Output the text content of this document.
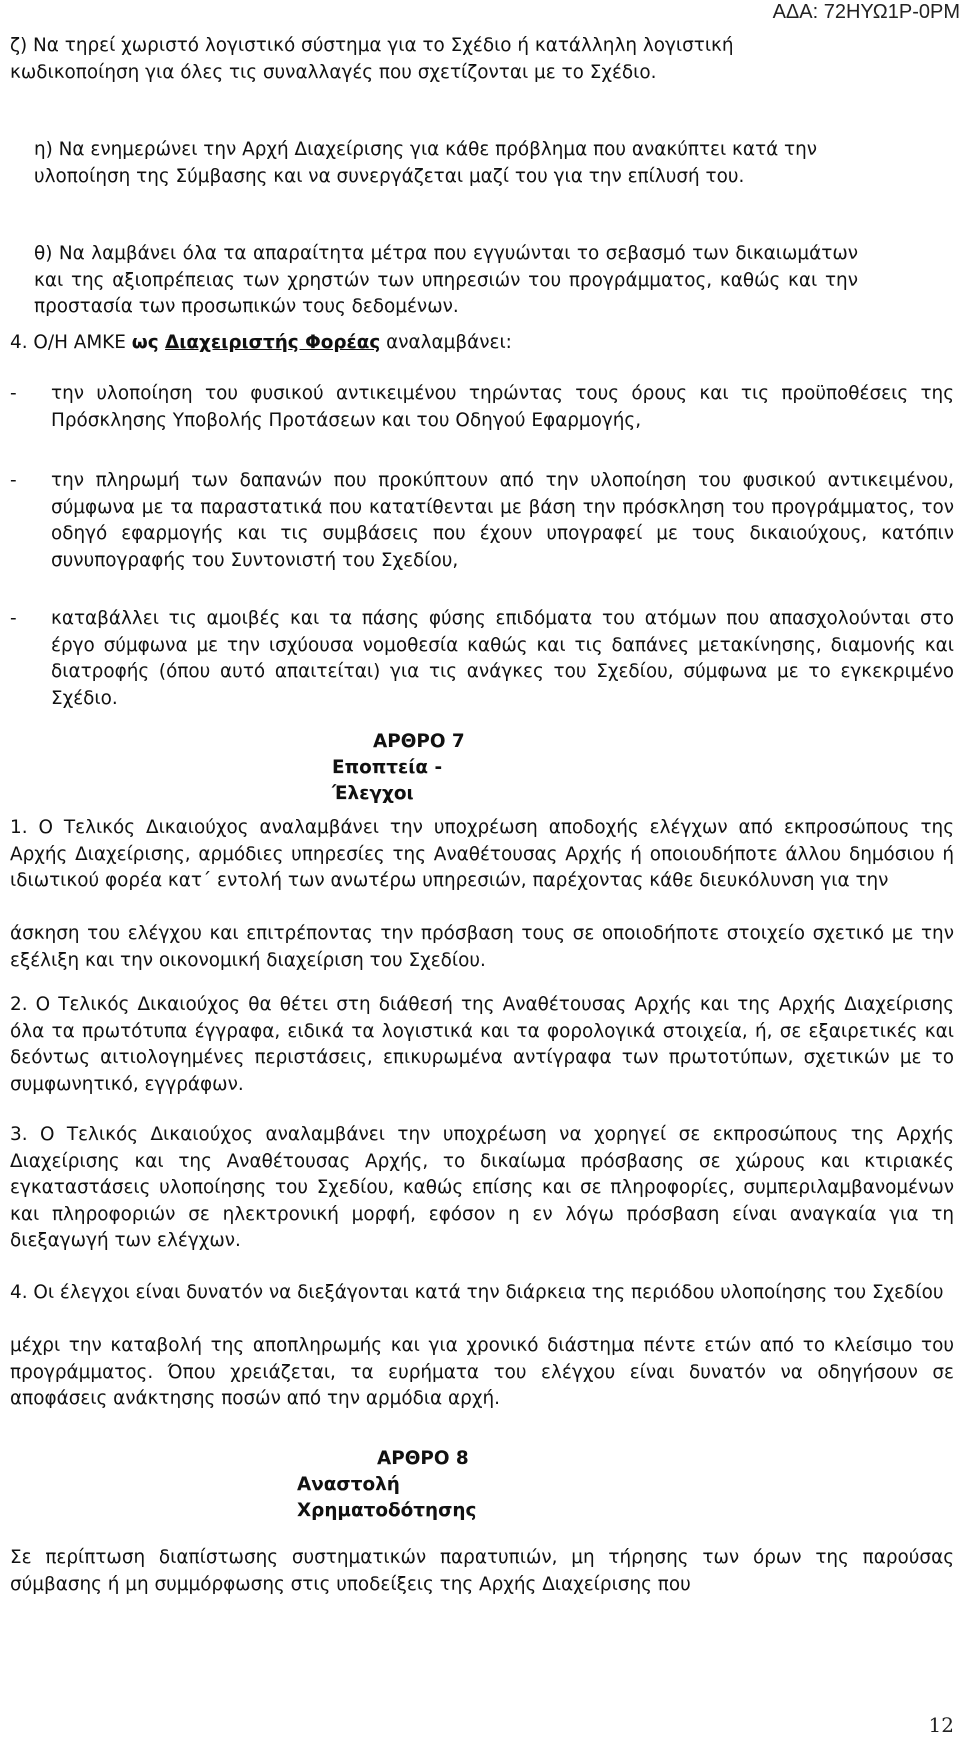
ΑΔΑ: 72ΗΥΩ1Ρ-0ΡΜ
ζ) Να τηρεί χωριστό λογιστικό σύστημα για το Σχέδιο ή κατάλληλη λογιστική κωδικοποίηση για όλες τις συναλλαγές που σχετίζονται με το Σχέδιο.
η) Να ενημερώνει την Αρχή Διαχείρισης για κάθε πρόβλημα που ανακύπτει κατά την υλοποίηση της Σύμβασης και να συνεργάζεται μαζί του για την επίλυσή του.
θ) Να λαμβάνει όλα τα απαραίτητα μέτρα που εγγυώνται το σεβασμό των δικαιωμάτων και της αξιοπρέπειας των χρηστών των υπηρεσιών του προγράμματος, καθώς και την προστασία των προσωπικών τους δεδομένων.
4. Ο/Η ΑΜΚΕ ως Διαχειριστής Φορέας αναλαμβάνει:
- την υλοποίηση του φυσικού αντικειμένου τηρώντας τους όρους και τις προϋποθέσεις της Πρόσκλησης Υποβολής Προτάσεων και του Οδηγού Εφαρμογής,
- την πληρωμή των δαπανών που προκύπτουν από την υλοποίηση του φυσικού αντικειμένου, σύμφωνα με τα παραστατικά που κατατίθενται με βάση την πρόσκληση του προγράμματος, τον οδηγό εφαρμογής και τις συμβάσεις που έχουν υπογραφεί με τους δικαιούχους, κατόπιν συνυπογραφής του Συντονιστή του Σχεδίου,
- καταβάλλει τις αμοιβές και τα πάσης φύσης επιδόματα του ατόμων που απασχολούνται στο έργο σύμφωνα με την ισχύουσα νομοθεσία καθώς και τις δαπάνες μετακίνησης, διαμονής και διατροφής (όπου αυτό απαιτείται) για τις ανάγκες του Σχεδίου, σύμφωνα με το εγκεκριμένο Σχέδιο.
ΑΡΘΡΟ 7
Εποπτεία -
Έλεγχοι
1. Ο Τελικός Δικαιούχος αναλαμβάνει την υποχρέωση αποδοχής ελέγχων από εκπροσώπους της Αρχής Διαχείρισης, αρμόδιες υπηρεσίες της Αναθέτουσας Αρχής ή οποιουδήποτε άλλου δημόσιου ή ιδιωτικού φορέα κατ΄ εντολή των ανωτέρω υπηρεσιών, παρέχοντας κάθε διευκόλυνση για την
άσκηση του ελέγχου και επιτρέποντας την πρόσβαση τους σε οποιοδήποτε στοιχείο σχετικό με την εξέλιξη και την οικονομική διαχείριση του Σχεδίου.
2. Ο Τελικός Δικαιούχος θα θέτει στη διάθεσή της Αναθέτουσας Αρχής και της Αρχής Διαχείρισης όλα τα πρωτότυπα έγγραφα, ειδικά τα λογιστικά και τα φορολογικά στοιχεία, ή, σε εξαιρετικές και δεόντως αιτιολογημένες περιστάσεις, επικυρωμένα αντίγραφα των πρωτοτύπων, σχετικών με το συμφωνητικό, εγγράφων.
3. Ο Τελικός Δικαιούχος αναλαμβάνει την υποχρέωση να χορηγεί σε εκπροσώπους της Αρχής Διαχείρισης και της Αναθέτουσας Αρχής, το δικαίωμα πρόσβασης σε χώρους και κτιριακές εγκαταστάσεις υλοποίησης του Σχεδίου, καθώς επίσης και σε πληροφορίες, συμπεριλαμβανομένων και πληροφοριών σε ηλεκτρονική μορφή, εφόσον η εν λόγω πρόσβαση είναι αναγκαία για τη διεξαγωγή των ελέγχων.
4. Οι έλεγχοι είναι δυνατόν να διεξάγονται κατά την διάρκεια της περιόδου υλοποίησης του Σχεδίου
μέχρι την καταβολή της αποπληρωμής και για χρονικό διάστημα πέντε ετών από το κλείσιμο του προγράμματος. Όπου χρειάζεται, τα ευρήματα του ελέγχου είναι δυνατόν να οδηγήσουν σε αποφάσεις ανάκτησης ποσών από την αρμόδια αρχή.
ΑΡΘΡΟ 8
Αναστολή
Χρηματοδότησης
Σε περίπτωση διαπίστωσης συστηματικών παρατυπιών, μη τήρησης των όρων της παρούσας σύμβασης ή μη συμμόρφωσης στις υποδείξεις της Αρχής Διαχείρισης που
12
